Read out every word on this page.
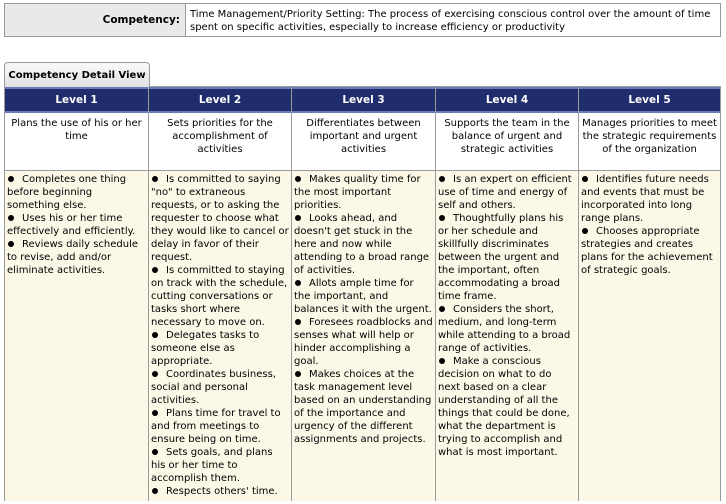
Competency:	Time Management/Priority Setting: The process of exercising conscious control over the amount of time spent on specific activities, especially to increase efficiency or productivity
Competency Detail View
Level 1
Plans the use of his or her time
Completes one thing before beginning something else.
Uses his or her time effectively and efficiently.
Reviews daily schedule to revise, add and/or eliminate activities.
Level 2
Sets priorities for the accomplishment of activities
Is committed to saying "no" to extraneous requests, or to asking the requester to choose what they would like to cancel or delay in favor of their request.
Is committed to staying on track with the schedule, cutting conversations or tasks short where necessary to move on.
Delegates tasks to someone else as appropriate.
Coordinates business, social and personal activities.
Plans time for travel to and from meetings to ensure being on time.
Sets goals, and plans his or her time to accomplish them.
Respects others' time.
Level 3
Differentiates between important and urgent activities
Makes quality time for the most important priorities.
Looks ahead, and doesn't get stuck in the here and now while attending to a broad range of activities.
Allots ample time for the important, and balances it with the urgent.
Foresees roadblocks and senses what will help or hinder accomplishing a goal.
Makes choices at the task management level based on an understanding of the importance and urgency of the different assignments and projects.
Level 4
Supports the team in the balance of urgent and strategic activities
Is an expert on efficient use of time and energy of self and others.
Thoughtfully plans his or her schedule and skillfully discriminates between the urgent and the important, often accommodating a broad time frame.
Considers the short, medium, and long-term while attending to a broad range of activities.
Make a conscious decision on what to do next based on a clear understanding of all the things that could be done, what the department is trying to accomplish and what is most important.
Level 5
Manages priorities to meet the strategic requirements of the organization
Identifies future needs and events that must be incorporated into long range plans.
Chooses appropriate strategies and creates plans for the achievement of strategic goals.
